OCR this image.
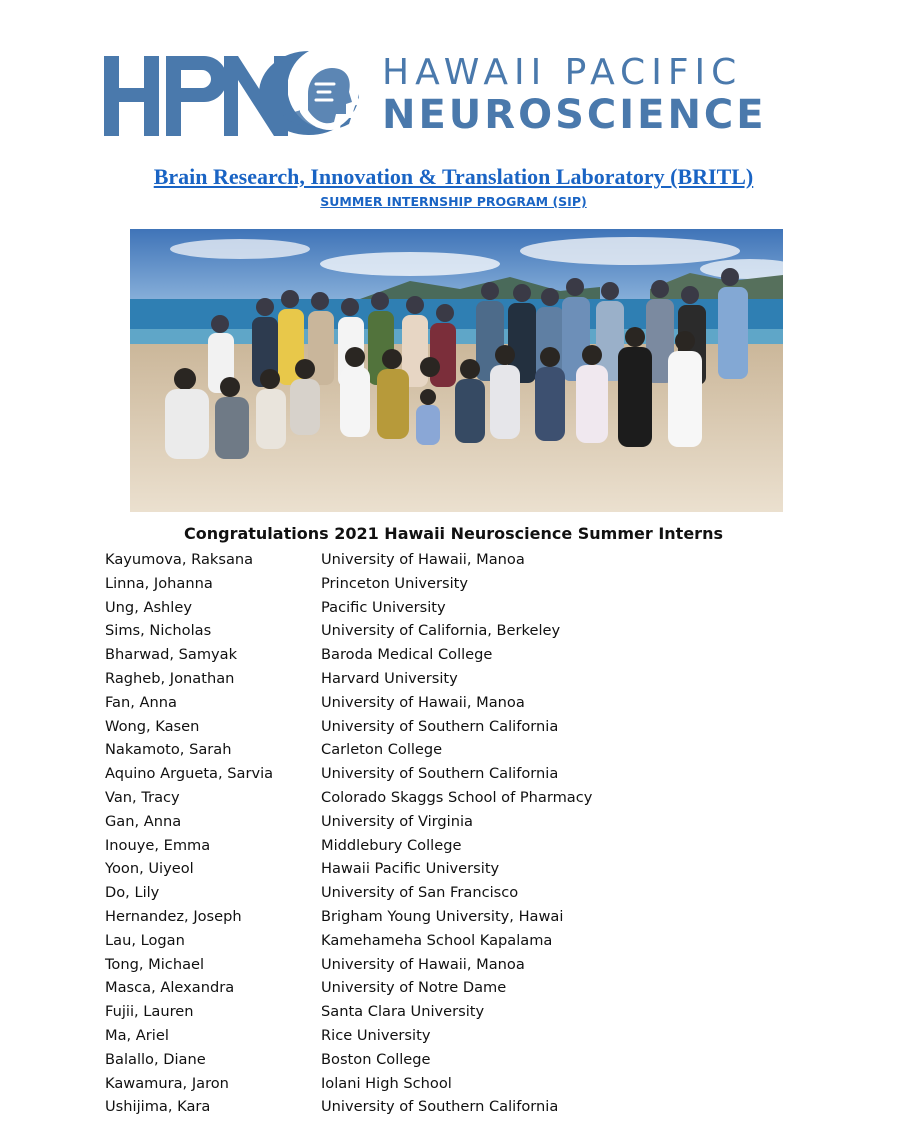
HAWAII PACIFIC
NEUROSCIENCE
Brain Research, Innovation & Translation Laboratory (BRITL)
SUMMER INTERNSHIP PROGRAM (SIP)
Congratulations 2021 Hawaii Neuroscience Summer Interns
Kayumova, Raksana	University of Hawaii, Manoa
Linna, Johanna	Princeton University
Ung, Ashley	Pacific University
Sims, Nicholas	University of California, Berkeley
Bharwad, Samyak	Baroda Medical College
Ragheb, Jonathan	Harvard University
Fan, Anna	University of Hawaii, Manoa
Wong, Kasen	University of Southern California
Nakamoto, Sarah	Carleton College
Aquino Argueta, Sarvia	University of Southern California
Van, Tracy	Colorado Skaggs School of Pharmacy
Gan, Anna	University of Virginia
Inouye, Emma	Middlebury College
Yoon, Uiyeol	Hawaii Pacific University
Do, Lily	University of San Francisco
Hernandez, Joseph	Brigham Young University, Hawai
Lau, Logan	Kamehameha School Kapalama
Tong, Michael	University of Hawaii, Manoa
Masca, Alexandra	University of Notre Dame
Fujii, Lauren	Santa Clara University
Ma, Ariel	Rice University
Balallo, Diane	Boston College
Kawamura, Jaron	Iolani High School
Ushijima, Kara	University of Southern California
